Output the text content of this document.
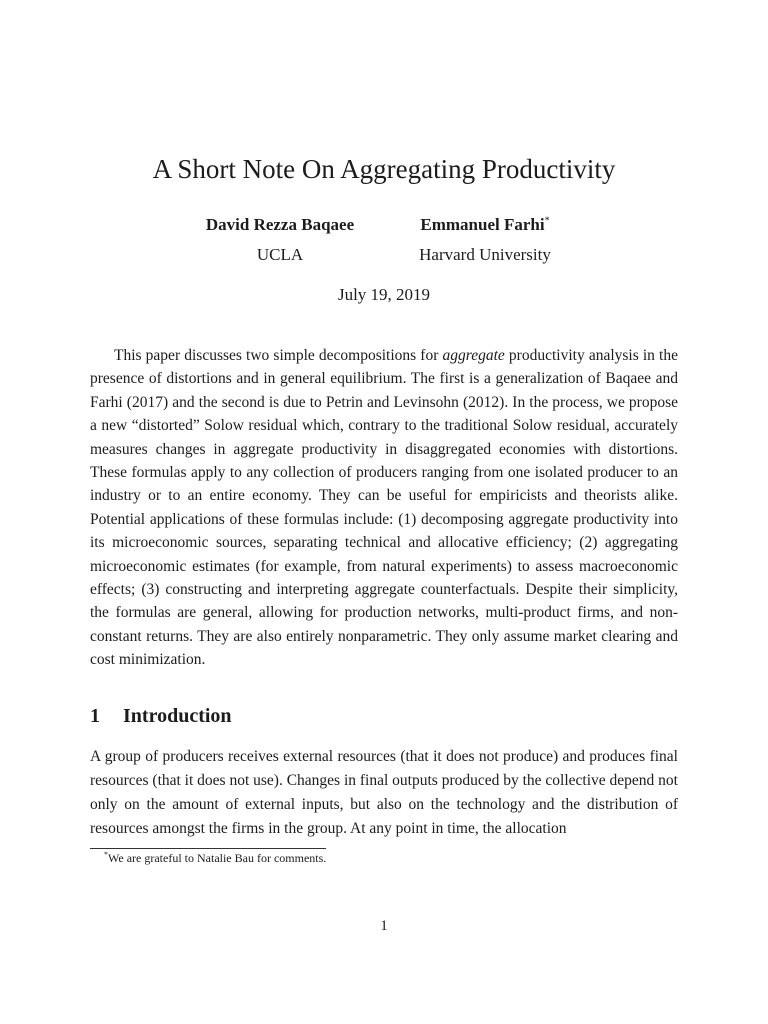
A Short Note On Aggregating Productivity
David Rezza Baqaee
UCLA
Emmanuel Farhi*
Harvard University
July 19, 2019

This paper discusses two simple decompositions for aggregate productivity analysis in the presence of distortions and in general equilibrium. The first is a generalization of Baqaee and Farhi (2017) and the second is due to Petrin and Levinsohn (2012). In the process, we propose a new “distorted” Solow residual which, contrary to the traditional Solow residual, accurately measures changes in aggregate productivity in disaggregated economies with distortions. These formulas apply to any collection of producers ranging from one isolated producer to an industry or to an entire economy. They can be useful for empiricists and theorists alike. Potential applications of these formulas include: (1) decomposing aggregate productivity into its microeconomic sources, separating technical and allocative efficiency; (2) aggregating microeconomic estimates (for example, from natural experiments) to assess macroeconomic effects; (3) constructing and interpreting aggregate counterfactuals. Despite their simplicity, the formulas are general, allowing for production networks, multi-product firms, and non-constant returns. They are also entirely nonparametric. They only assume market clearing and cost minimization.

1 Introduction

A group of producers receives external resources (that it does not produce) and produces final resources (that it does not use). Changes in final outputs produced by the collective depend not only on the amount of external inputs, but also on the technology and the distribution of resources amongst the firms in the group. At any point in time, the allocation

*We are grateful to Natalie Bau for comments.
1
